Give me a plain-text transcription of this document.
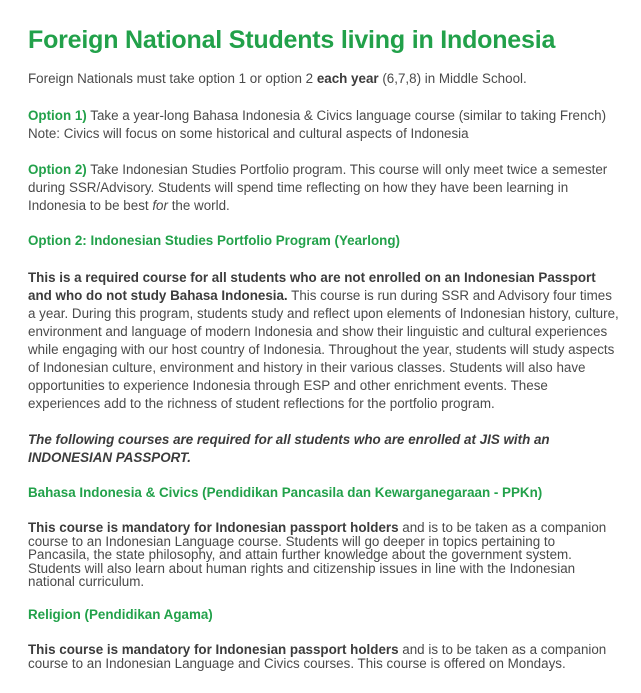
Foreign National Students living in Indonesia

Foreign Nationals must take option 1 or option 2 each year (6,7,8) in Middle School.

Option 1) Take a year-long Bahasa Indonesia & Civics language course (similar to taking French)
Note: Civics will focus on some historical and cultural aspects of Indonesia

Option 2) Take Indonesian Studies Portfolio program. This course will only meet twice a semester during SSR/Advisory. Students will spend time reflecting on how they have been learning in Indonesia to be best for the world.

Option 2: Indonesian Studies Portfolio Program (Yearlong)

This is a required course for all students who are not enrolled on an Indonesian Passport and who do not study Bahasa Indonesia. This course is run during SSR and Advisory four times a year. During this program, students study and reflect upon elements of Indonesian history, culture, environment and language of modern Indonesia and show their linguistic and cultural experiences while engaging with our host country of Indonesia. Throughout the year, students will study aspects of Indonesian culture, environment and history in their various classes. Students will also have opportunities to experience Indonesia through ESP and other enrichment events. These experiences add to the richness of student reflections for the portfolio program.

The following courses are required for all students who are enrolled at JIS with an INDONESIAN PASSPORT.

Bahasa Indonesia & Civics (Pendidikan Pancasila dan Kewarganegaraan - PPKn)

This course is mandatory for Indonesian passport holders and is to be taken as a companion course to an Indonesian Language course. Students will go deeper in topics pertaining to Pancasila, the state philosophy, and attain further knowledge about the government system. Students will also learn about human rights and citizenship issues in line with the Indonesian national curriculum.

Religion (Pendidikan Agama)

This course is mandatory for Indonesian passport holders and is to be taken as a companion course to an Indonesian Language and Civics courses. This course is offered on Mondays.
